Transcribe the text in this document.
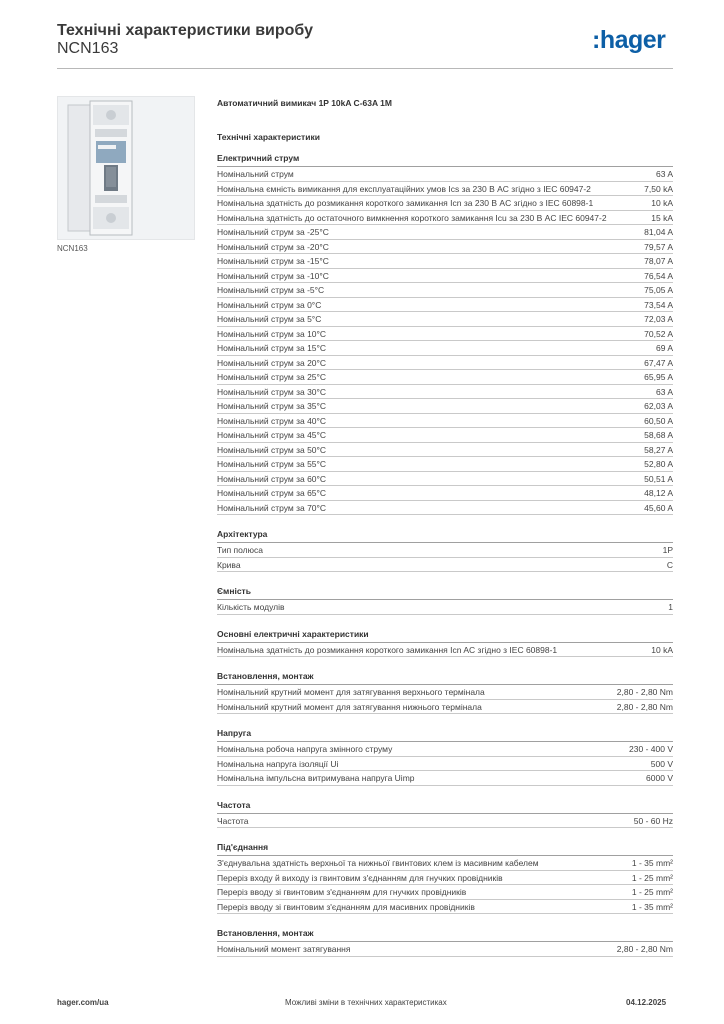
Технічні характеристики виробу
NCN163	:hager
NCN163
Автоматичний вимикач 1P 10kA C-63A 1M
Технічні характеристики
Електричний струм
Номінальний струм	63 A
Номінальна ємність вимикання для експлуатаційних умов Ics за 230 В AC згідно з IEC 60947-2	7,50 kA
Номінальна здатність до розмикання короткого замикання Icn за 230 В AC згідно з IEC 60898-1	10 kA
Номінальна здатність до остаточного вимкнення короткого замикання Icu за 230 В AC IEC 60947-2	15 kA
Номінальний струм за -25°C	81,04 A
Номінальний струм за -20°C	79,57 A
Номінальний струм за -15°C	78,07 A
Номінальний струм за -10°C	76,54 A
Номінальний струм за -5°C	75,05 A
Номінальний струм за 0°C	73,54 A
Номінальний струм за 5°C	72,03 A
Номінальний струм за 10°C	70,52 A
Номінальний струм за 15°C	69 A
Номінальний струм за 20°C	67,47 A
Номінальний струм за 25°C	65,95 A
Номінальний струм за 30°C	63 A
Номінальний струм за 35°C	62,03 A
Номінальний струм за 40°C	60,50 A
Номінальний струм за 45°C	58,68 A
Номінальний струм за 50°C	58,27 A
Номінальний струм за 55°C	52,80 A
Номінальний струм за 60°C	50,51 A
Номінальний струм за 65°C	48,12 A
Номінальний струм за 70°C	45,60 A
Архітектура
Тип полюса	1P
Крива	C
Ємність
Кількість модулів	1
Основні електричні характеристики
Номінальна здатність до розмикання короткого замикання Icn AC згідно з IEC 60898-1	10 kA
Встановлення, монтаж
Номінальний крутний момент для затягування верхнього термінала	2,80 - 2,80 Nm
Номінальний крутний момент для затягування нижнього термінала	2,80 - 2,80 Nm
Напруга
Номінальна робоча напруга змінного струму	230 - 400 V
Номінальна напруга ізоляції Ui	500 V
Номінальна імпульсна витримувана напруга Uimp	6000 V
Частота
Частота	50 - 60 Hz
Під'єднання
З'єднувальна здатність верхньої та нижньої гвинтових клем із масивним кабелем	1 - 35 mm²
Переріз входу й виходу із гвинтовим з'єднанням для гнучких провідників	1 - 25 mm²
Переріз вводу зі гвинтовим з'єднанням для гнучких провідників	1 - 25 mm²
Переріз вводу зі гвинтовим з'єднанням для масивних провідників	1 - 35 mm²
Встановлення, монтаж
Номінальний момент затягування	2,80 - 2,80 Nm
hager.com/ua	Можливі зміни в технічних характеристиках	04.12.2025
